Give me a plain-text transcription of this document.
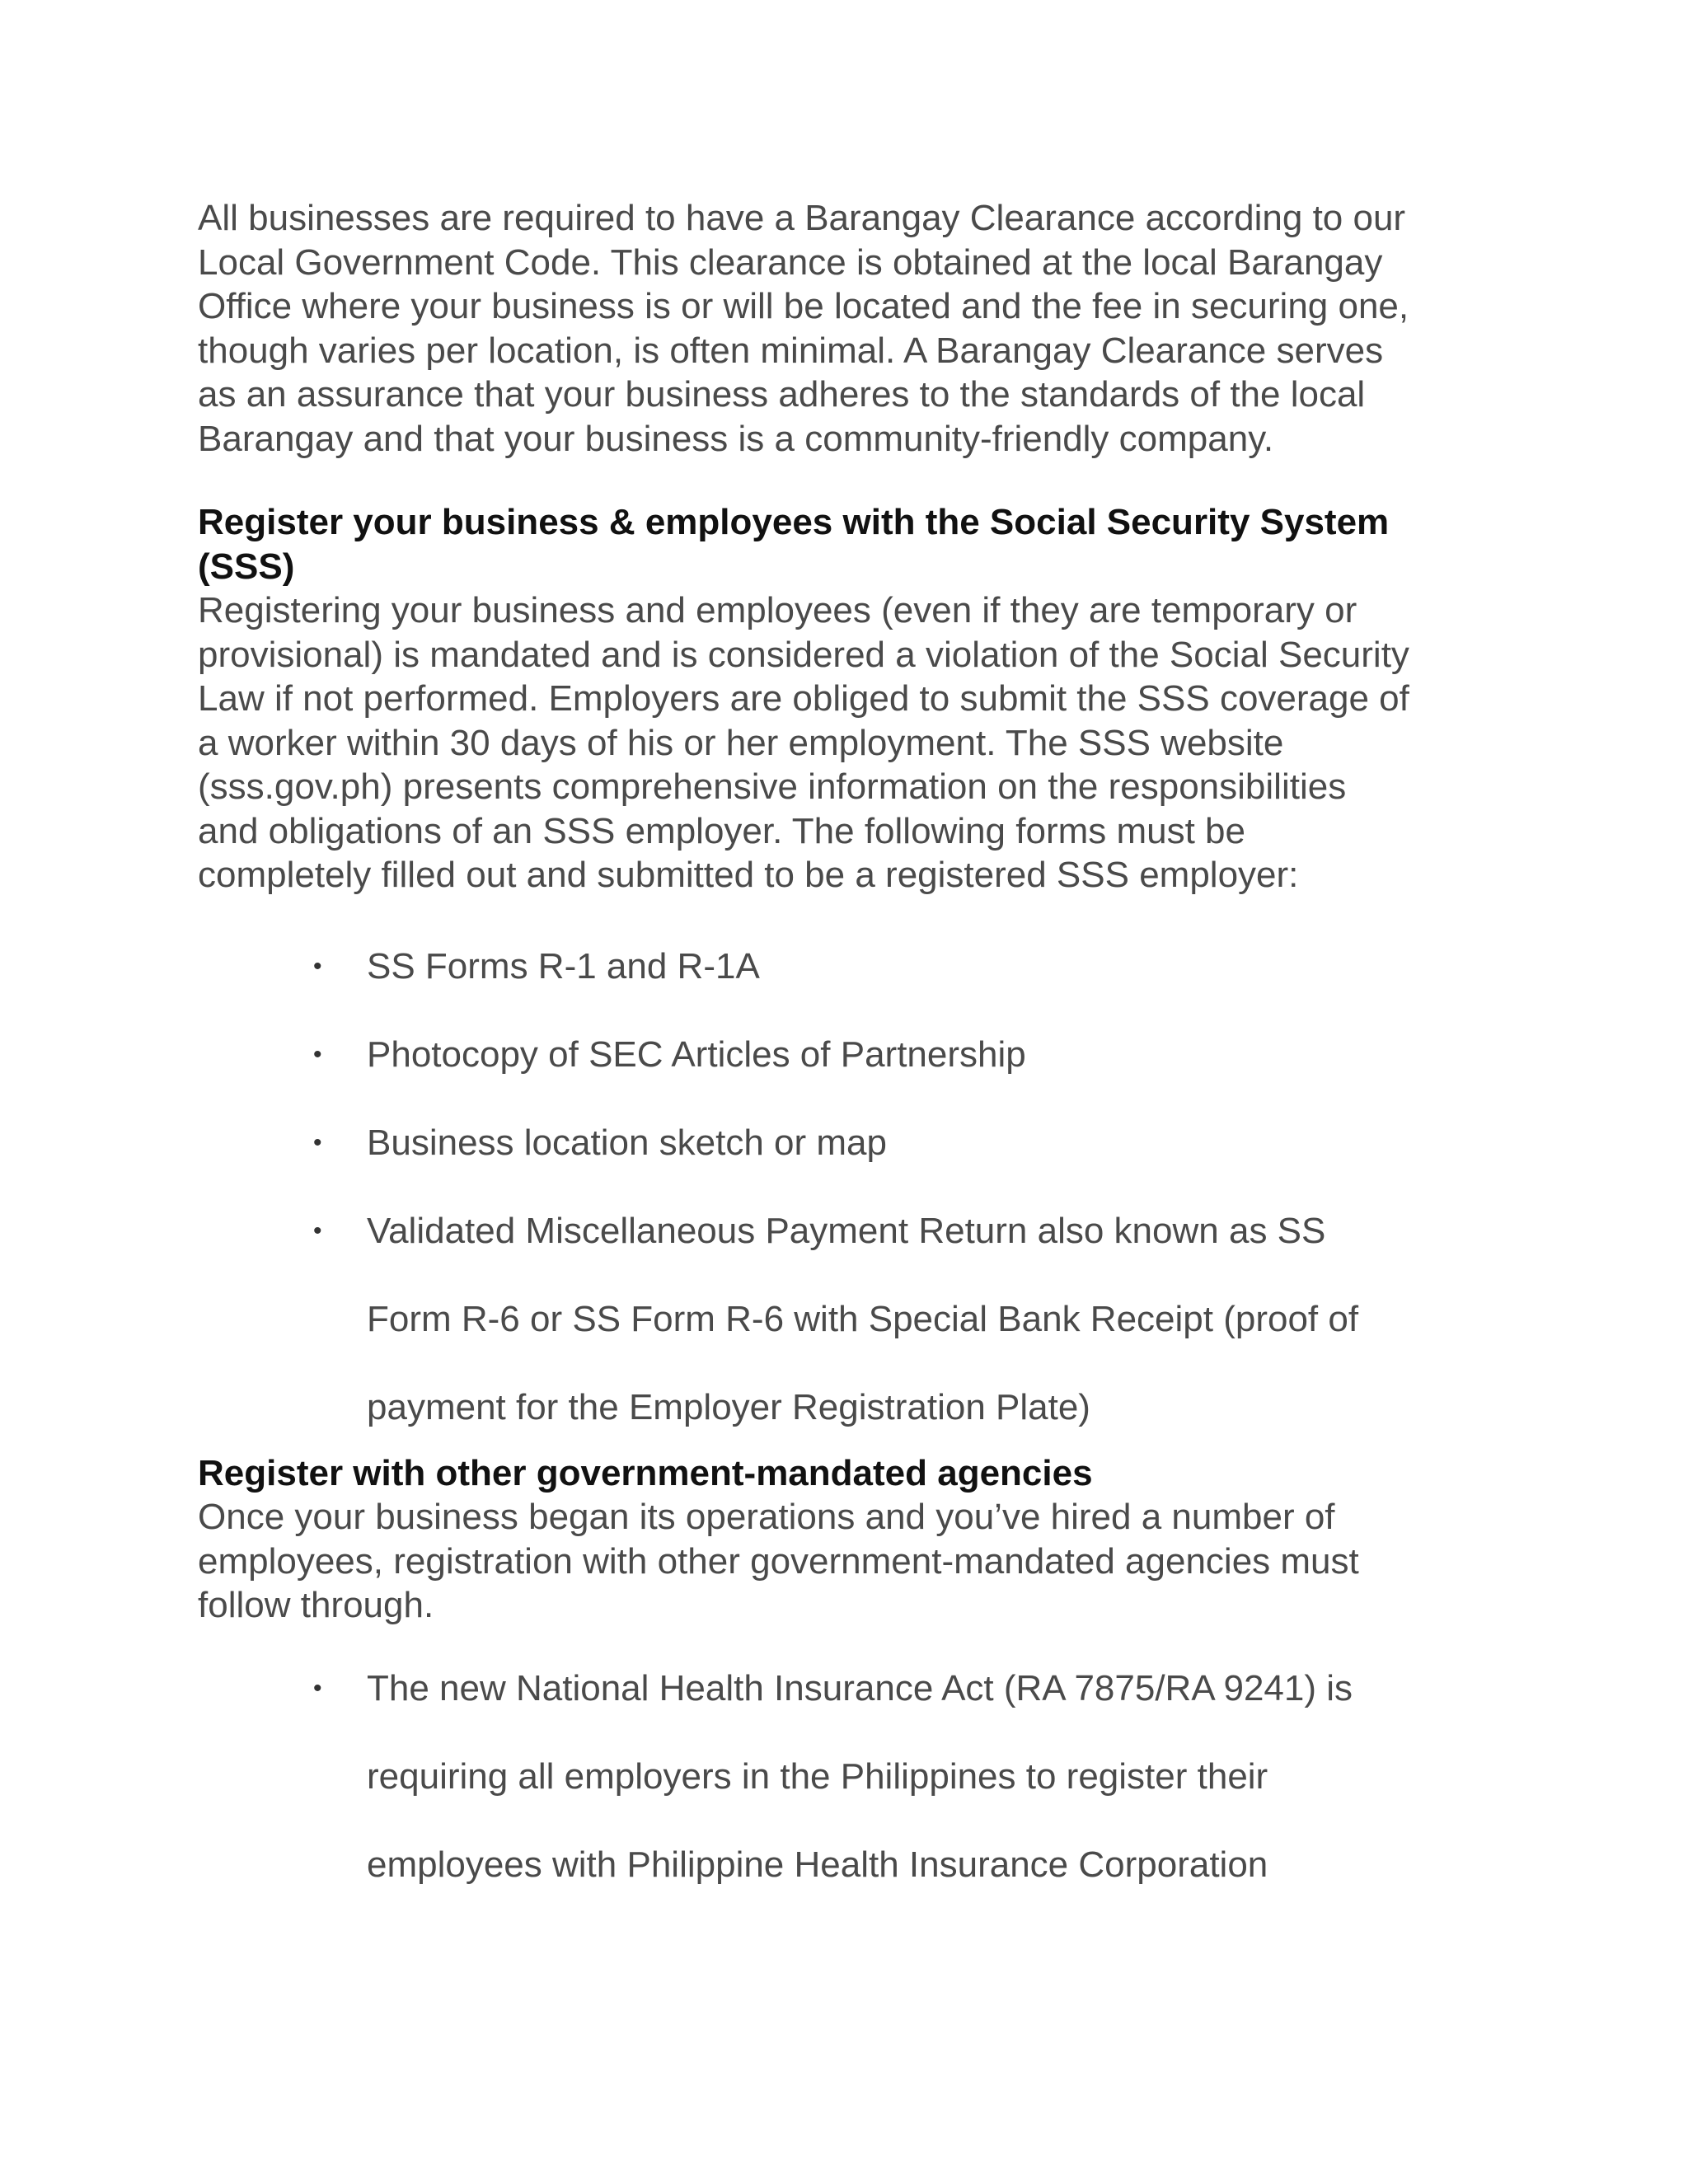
All businesses are required to have a Barangay Clearance according to our
Local Government Code. This clearance is obtained at the local Barangay
Office where your business is or will be located and the fee in securing one,
though varies per location, is often minimal. A Barangay Clearance serves
as an assurance that your business adheres to the standards of the local
Barangay and that your business is a community-friendly company.

Register your business & employees with the Social Security System
(SSS)

Registering your business and employees (even if they are temporary or
provisional) is mandated and is considered a violation of the Social Security
Law if not performed. Employers are obliged to submit the SSS coverage of
a worker within 30 days of his or her employment. The SSS website
(sss.gov.ph) presents comprehensive information on the responsibilities
and obligations of an SSS employer. The following forms must be
completely filled out and submitted to be a registered SSS employer:

• SS Forms R-1 and R-1A
• Photocopy of SEC Articles of Partnership
• Business location sketch or map
• Validated Miscellaneous Payment Return also known as SS
Form R-6 or SS Form R-6 with Special Bank Receipt (proof of
payment for the Employer Registration Plate)
Register with other government-mandated agencies

Once your business began its operations and you’ve hired a number of
employees, registration with other government-mandated agencies must
follow through.

• The new National Health Insurance Act (RA 7875/RA 9241) is
requiring all employers in the Philippines to register their
employees with Philippine Health Insurance Corporation
